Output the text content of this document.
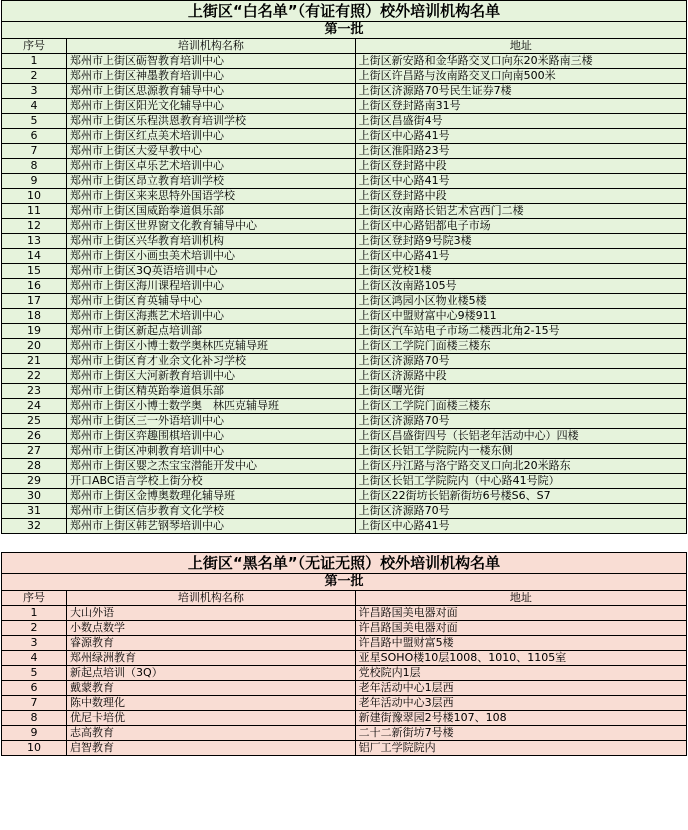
上街区“白名单”（有证有照）校外培训机构名单		
第一批		
序号	培训机构名称	地址
1	郑州市上街区砺智教育培训中心	上街区新安路和金华路交叉口向东20米路南三楼
2	郑州市上街区神墨教育培训中心	上街区许昌路与汝南路交叉口向南500米
3	郑州市上街区思源教育辅导中心	上街区济源路70号民生证券7楼
4	郑州市上街区阳光文化辅导中心	上街区登封路南31号
5	郑州市上街区乐程洪恩教育培训学校	上街区昌盛街4号
6	郑州市上街区红点美术培训中心	上街区中心路41号
7	郑州市上街区大爱早教中心	上街区淮阳路23号
8	郑州市上街区卓乐艺术培训中心	上街区登封路中段
9	郑州市上街区昂立教育培训学校	上街区中心路41号
10	郑州市上街区来来思特外国语学校	上街区登封路中段
11	郑州市上街区国威跆拳道俱乐部	上街区汝南路长铝艺术宫西门二楼
12	郑州市上街区世界窗文化教育辅导中心	上街区中心路铝都电子市场
13	郑州市上街区兴华教育培训机构	上街区登封路9号院3楼
14	郑州市上街区小画虫美术培训中心	上街区中心路41号
15	郑州市上街区3Q英语培训中心	上街区党校1楼
16	郑州市上街区海川课程培训中心	上街区汝南路105号
17	郑州市上街区育英辅导中心	上街区鸿园小区物业楼5楼
18	郑州市上街区海燕艺术培训中心	上街区中盟财富中心9楼911
19	郑州市上街区新起点培训部	上街区汽车站电子市场二楼西北角2-15号
20	郑州市上街区小博士数学奥林匹克辅导班	上街区工学院门面楼三楼东
21	郑州市上街区育才业余文化补习学校	上街区济源路70号
22	郑州市上街区大河新教育培训中心	上街区济源路中段
23	郑州市上街区精英跆拳道俱乐部	上街区曙光街
24	郑州市上街区小博士数学奥　林匹克辅导班	上街区工学院门面楼三楼东
25	郑州市上街区三一外语培训中心	上街区济源路70号
26	郑州市上街区弈趣围棋培训中心	上街区昌盛街四号（长铝老年活动中心）四楼
27	郑州市上街区冲刺教育培训中心	上街区长铝工学院院内一楼东侧
28	郑州市上街区婴之杰宝宝潜能开发中心	上街区丹江路与洛宁路交叉口向北20米路东
29	开口ABC语言学校上街分校	上街区长铝工学院院内（中心路41号院）
30	郑州市上街区金博奥数理化辅导班	上街区22街坊长铝新街坊6号楼S6、S7
31	郑州市上街区信步教育文化学校	上街区济源路70号
32	郑州市上街区韩艺钢琴培训中心	上街区中心路41号
上街区“黑名单”（无证无照）校外培训机构名单		
第一批		
序号	培训机构名称	地址
1	大山外语	许昌路国美电器对面
2	小数点数学	许昌路国美电器对面
3	睿源教育	许昌路中盟财富5楼
4	郑州绿洲教育	亚星SOHO楼10层1008、1010、1105室
5	新起点培训（3Q）	党校院内1层
6	戴蒙教育	老年活动中心1层西
7	陈中数理化	老年活动中心3层西
8	优尼卡培优	新建街豫翠园2号楼107、108
9	志高教育	二十二新街坊7号楼
10	启智教育	铝厂工学院院内
